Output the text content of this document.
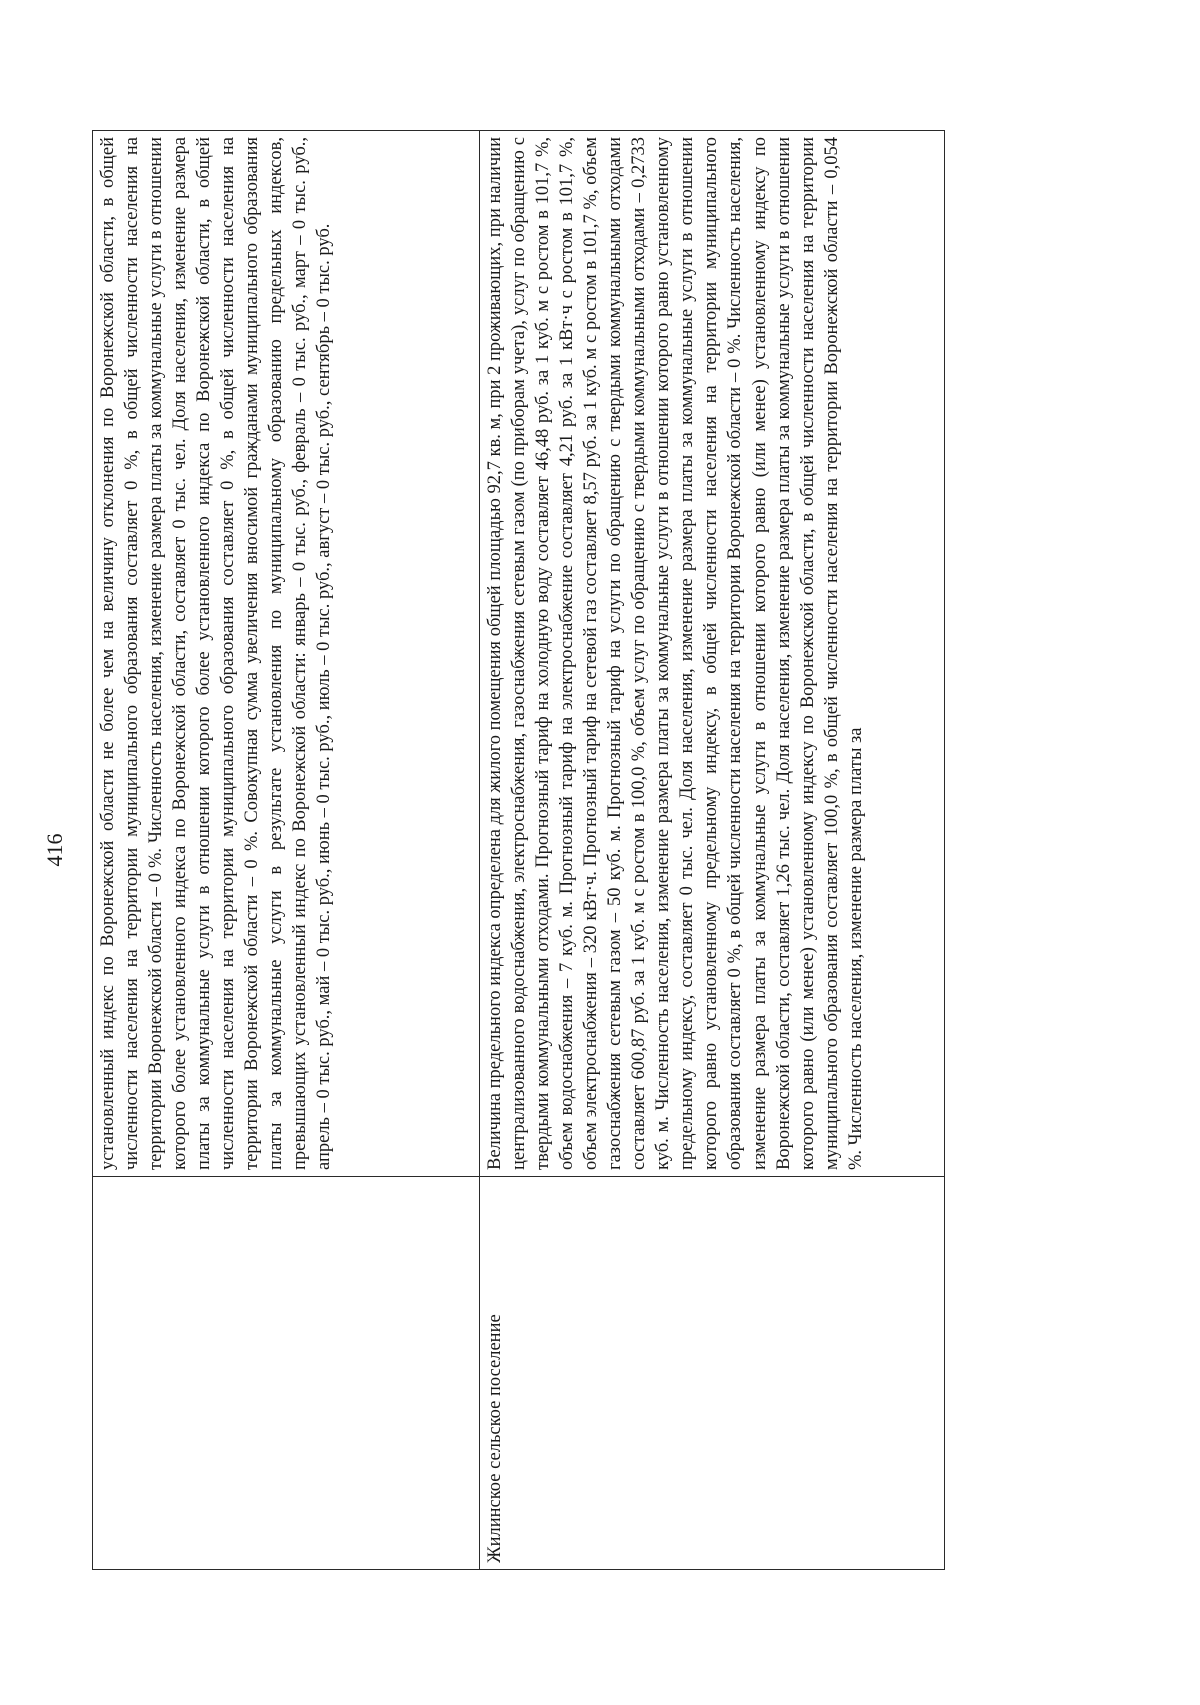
416
	установленный индекс по Воронежской области не более чем на величину отклонения по Воронежской области, в общей численности населения на территории муниципального образования составляет 0 %, в общей численности населения на территории Воронежской области – 0 %. Численность населения, изменение размера платы за коммунальные услуги в отношении которого более установленного индекса по Воронежской области, составляет 0 тыс. чел. Доля населения, изменение размера платы за коммунальные услуги в отношении которого более установленного индекса по Воронежской области, в общей численности населения на территории муниципального образования составляет 0 %, в общей численности населения на территории Воронежской области – 0 %. Совокупная сумма увеличения вносимой гражданами муниципального образования платы за коммунальные услуги в результате установления по муниципальному образованию предельных индексов, превышающих установленный индекс по Воронежской области: январь – 0 тыс. руб., февраль – 0 тыс. руб., март – 0 тыс. руб., апрель – 0 тыс. руб., май – 0 тыс. руб., июнь – 0 тыс. руб., июль – 0 тыс. руб., август – 0 тыс. руб., сентябрь – 0 тыс. руб.
Жилинское сельское поселение	Величина предельного индекса определена для жилого помещения общей площадью 92,7 кв. м, при 2 проживающих, при наличии централизованного водоснабжения, электроснабжения, газоснабжения сетевым газом (по приборам учета), услуг по обращению с твердыми коммунальными отходами. Прогнозный тариф на холодную воду составляет 46,48 руб. за 1 куб. м с ростом в 101,7 %, объем водоснабжения – 7 куб. м. Прогнозный тариф на электроснабжение составляет 4,21 руб. за 1 кВт·ч с ростом в 101,7 %, объем электроснабжения – 320 кВт·ч. Прогнозный тариф на сетевой газ составляет 8,57 руб. за 1 куб. м с ростом в 101,7 %, объем газоснабжения сетевым газом – 50 куб. м. Прогнозный тариф на услуги по обращению с твердыми коммунальными отходами составляет 600,87 руб. за 1 куб. м с ростом в 100,0 %, объем услуг по обращению с твердыми коммунальными отходами – 0,2733 куб. м. Численность населения, изменение размера платы за коммунальные услуги в отношении которого равно установленному предельному индексу, составляет 0 тыс. чел. Доля населения, изменение размера платы за коммунальные услуги в отношении которого равно установленному предельному индексу, в общей численности населения на территории муниципального образования составляет 0 %, в общей численности населения на территории Воронежской области – 0 %. Численность населения, изменение размера платы за коммунальные услуги в отношении которого равно (или менее) установленному индексу по Воронежской области, составляет 1,26 тыс. чел. Доля населения, изменение размера платы за коммунальные услуги в отношении которого равно (или менее) установленному индексу по Воронежской области, в общей численности населения на территории муниципального образования составляет 100,0 %, в общей численности населения на территории Воронежской области – 0,054 %. Численность населения, изменение размера платы за
